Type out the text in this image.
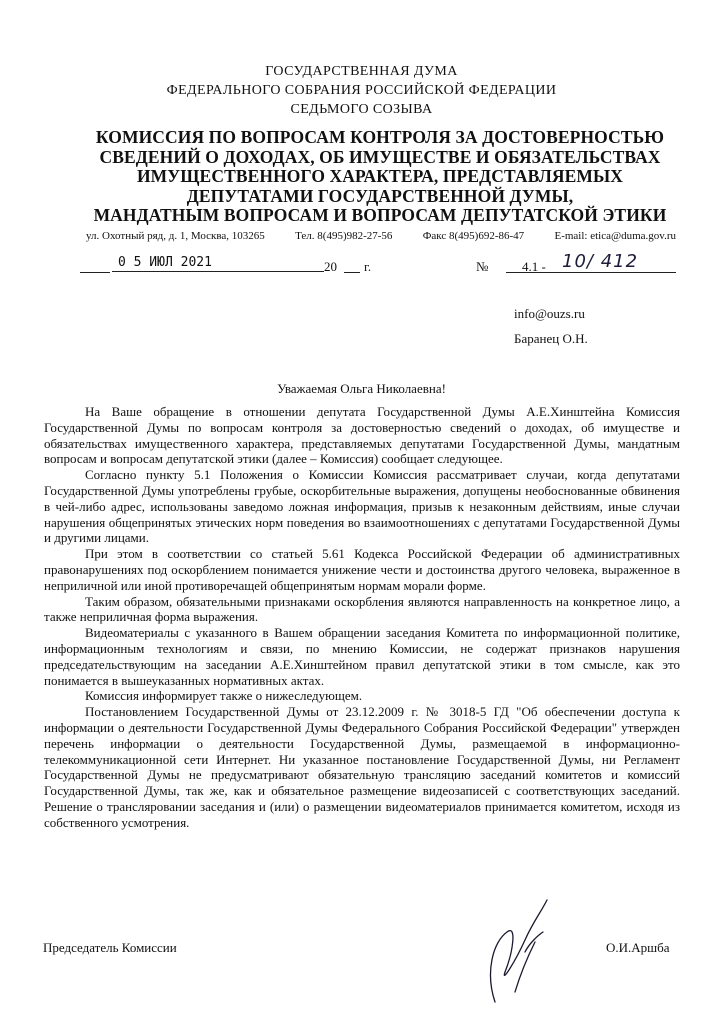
ГОСУДАРСТВЕННАЯ ДУМА
ФЕДЕРАЛЬНОГО СОБРАНИЯ РОССИЙСКОЙ ФЕДЕРАЦИИ
СЕДЬМОГО СОЗЫВА
КОМИССИЯ ПО ВОПРОСАМ КОНТРОЛЯ ЗА ДОСТОВЕРНОСТЬЮ
СВЕДЕНИЙ О ДОХОДАХ, ОБ ИМУЩЕСТВЕ И ОБЯЗАТЕЛЬСТВАХ
ИМУЩЕСТВЕННОГО ХАРАКТЕРА, ПРЕДСТАВЛЯЕМЫХ
ДЕПУТАТАМИ ГОСУДАРСТВЕННОЙ ДУМЫ,
МАНДАТНЫМ ВОПРОСАМ И ВОПРОСАМ ДЕПУТАТСКОЙ ЭТИКИ
ул. Охотный ряд, д. 1, Москва, 103265	Тел. 8(495)982-27-56	Факс 8(495)692-86-47	E-mail: etica@duma.gov.ru
0 5 ИЮЛ 2021	20 г.	№	4.1 - 10/ 412
info@ouzs.ru
Баранец О.Н.
Уважаемая Ольга Николаевна!

На Ваше обращение в отношении депутата Государственной Думы А.Е.Хинштейна Комиссия Государственной Думы по вопросам контроля за достоверностью сведений о доходах, об имуществе и обязательствах имущественного характера, представляемых депутатами Государственной Думы, мандатным вопросам и вопросам депутатской этики (далее – Комиссия) сообщает следующее.

Согласно пункту 5.1 Положения о Комиссии Комиссия рассматривает случаи, когда депутатами Государственной Думы употреблены грубые, оскорбительные выражения, допущены необоснованные обвинения в чей-либо адрес, использованы заведомо ложная информация, призыв к незаконным действиям, иные случаи нарушения общепринятых этических норм поведения во взаимоотношениях с депутатами Государственной Думы и другими лицами.

При этом в соответствии со статьей 5.61 Кодекса Российской Федерации об административных правонарушениях под оскорблением понимается унижение чести и достоинства другого человека, выраженное в неприличной или иной противоречащей общепринятым нормам морали форме.

Таким образом, обязательными признаками оскорбления являются направленность на конкретное лицо, а также неприличная форма выражения.

Видеоматериалы с указанного в Вашем обращении заседания Комитета по информационной политике, информационным технологиям и связи, по мнению Комиссии, не содержат признаков нарушения председательствующим на заседании А.Е.Хинштейном правил депутатской этики в том смысле, как это понимается в вышеуказанных нормативных актах.

Комиссия информирует также о нижеследующем.

Постановлением Государственной Думы от 23.12.2009 г. № 3018-5 ГД "Об обеспечении доступа к информации о деятельности Государственной Думы Федерального Собрания Российской Федерации" утвержден перечень информации о деятельности Государственной Думы, размещаемой в информационно-телекоммуникационной сети Интернет. Ни указанное постановление Государственной Думы, ни Регламент Государственной Думы не предусматривают обязательную трансляцию заседаний комитетов и комиссий Государственной Думы, так же, как и обязательное размещение видеозаписей с соответствующих заседаний. Решение о трансляровании заседания и (или) о размещении видеоматериалов принимается комитетом, исходя из собственного усмотрения.

Председатель Комиссии	О.И.Аршба
